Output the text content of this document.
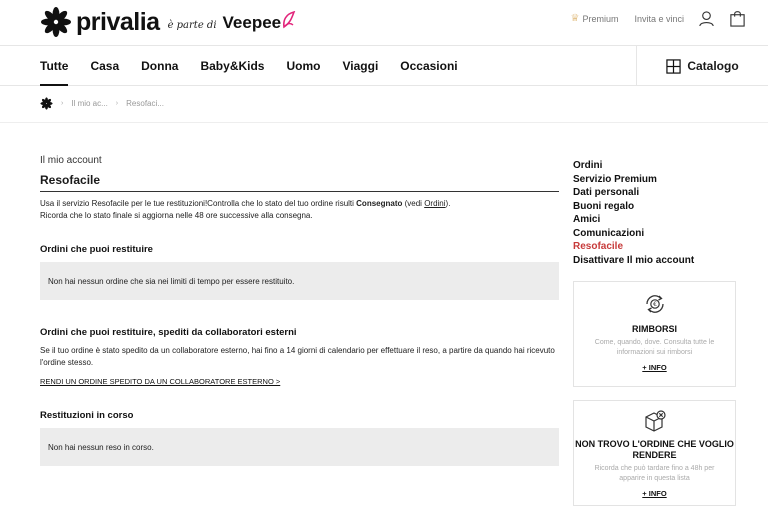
privalia è parte di Veepee	♕ Premium Invita e vinci
Tutte Casa Donna Baby&Kids Uomo Viaggi Occasioni	Catalogo
› Il mio ac... › Resofaci...
Il mio account
Resofacile
Usa il servizio Resofacile per le tue restituzioni!Controlla che lo stato del tuo ordine risulti Consegnato (vedi Ordini).
Ricorda che lo stato finale si aggiorna nelle 48 ore successive alla consegna.
Ordini che puoi restituire
Non hai nessun ordine che sia nei limiti di tempo per essere restituito.
Ordini che puoi restituire, spediti da collaboratori esterni
Se il tuo ordine è stato spedito da un collaboratore esterno, hai fino a 14 giorni di calendario per effettuare il reso, a partire da quando hai ricevuto l'ordine stesso.
RENDI UN ORDINE SPEDITO DA UN COLLABORATORE ESTERNO >
Restituzioni in corso
Non hai nessun reso in corso.
Ordini
Servizio Premium
Dati personali
Buoni regalo
Amici
Comunicazioni
Resofacile
Disattivare Il mio account
€
RIMBORSI
Come, quando, dove. Consulta tutte le informazioni sui rimborsi
+ INFO
NON TROVO L'ORDINE CHE VOGLIO RENDERE
Ricorda che può tardare fino a 48h per apparire in questa lista
+ INFO
